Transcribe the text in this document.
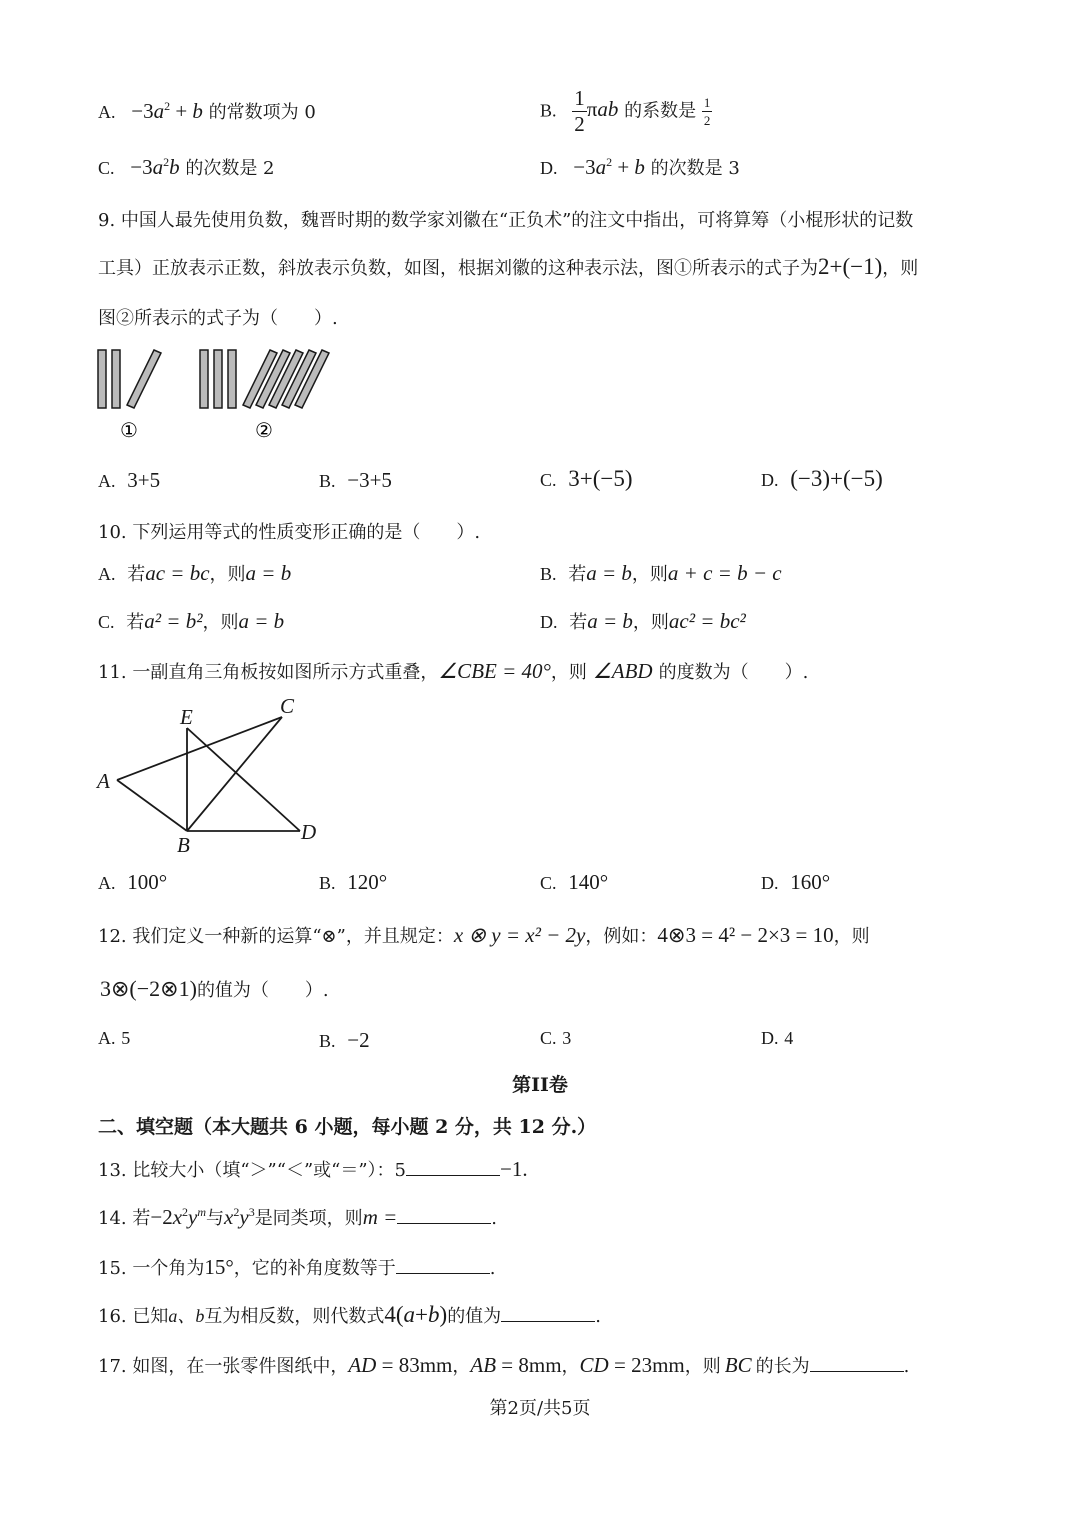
A. $-3a^2 + b$ 的常数项为 0	B. $\frac{1}{2}$ πab 的系数是 $\frac{1}{2}$
C. $-3a^2b$ 的次数是 2	D. $-3a^2 + b$ 的次数是 3
9. 中国人最先使用负数，魏晋时期的数学家刘徽在“正负术”的注文中指出，可将算筹（小棍形状的记数
工具）正放表示正数，斜放表示负数，如图，根据刘徽的这种表示法，图①所表示的式子为2+(−1)，则
图②所表示的式子为（　　）.
①	②
A. 3+5	B. −3+5	C. 3+(−5)	D. (−3)+(−5)
10. 下列运用等式的性质变形正确的是（　　）.
A. 若ac = bc，则a = b	B. 若a = b，则a + c = b − c
C. 若a² = b²，则a = b	D. 若a = b，则ac² = bc²
11. 一副直角三角板按如图所示方式重叠，∠CBE = 40°，则 ∠ABD 的度数为（　　）.
A
B
C
D
E
A. 100°	B. 120°	C. 140°	D. 160°
12. 我们定义一种新的运算“⊗”，并且规定：x ⊗ y = x² − 2y，例如：4⊗3 = 4² − 2×3 = 10，则
3⊗(−2⊗1)的值为（　　）.
A. 5	B. −2	C. 3	D. 4
第II卷
二、填空题（本大题共 6 小题，每小题 2 分，共 12 分.）
13. 比较大小（填“＞”“＜”或“＝”）：5	−1.
14. 若$-2x^2y^m$与$x^2y^3$是同类项，则m =	.
15. 一个角为15°，它的补角度数等于	.
16. 已知a、b互为相反数，则代数式4(a+b)的值为	.
17. 如图，在一张零件图纸中，AD = 83mm，AB = 8mm，CD = 23mm，则 BC 的长为	.
第2页/共5页
